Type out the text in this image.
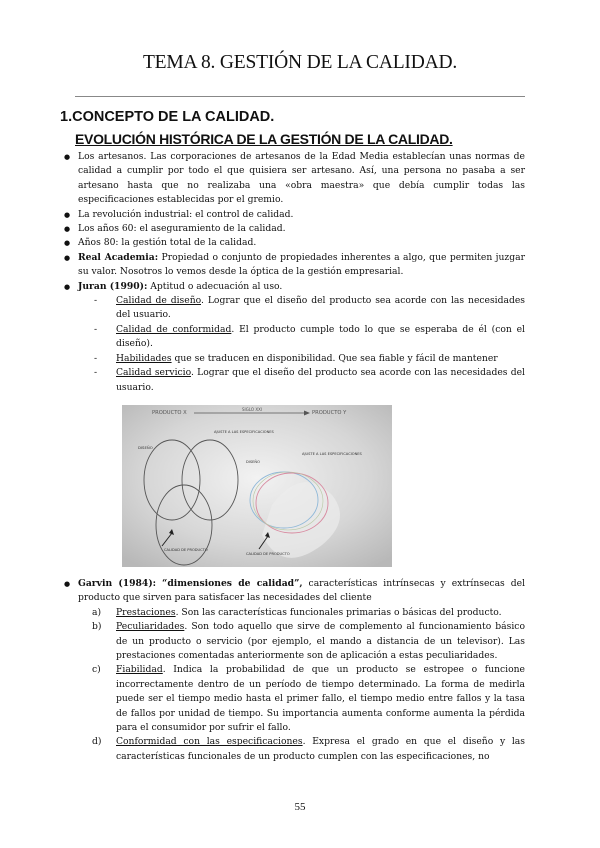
TEMA 8. GESTIÓN DE LA CALIDAD.
1.CONCEPTO DE LA CALIDAD.
EVOLUCIÓN HISTÓRICA DE LA GESTIÓN DE LA CALIDAD.
● Los artesanos. Las corporaciones de artesanos de la Edad Media establecían unas normas de calidad a cumplir por todo el que quisiera ser artesano. Así, una persona no pasaba a ser artesano hasta que no realizaba una «obra maestra» que debía cumplir todas las especificaciones establecidas por el gremio.
● La revolución industrial: el control de calidad.
● Los años 60: el aseguramiento de la calidad.
● Años 80: la gestión total de la calidad.
● Real Academia: Propiedad o conjunto de propiedades inherentes a algo, que permiten juzgar su valor. Nosotros lo vemos desde la óptica de la gestión empresarial.
● Juran (1990): Aptitud o adecuación al uso.
- Calidad de diseño. Lograr que el diseño del producto sea acorde con las necesidades del usuario.
- Calidad de conformidad. El producto cumple todo lo que se esperaba de él (con el diseño).
- Habilidades que se traducen en disponibilidad. Que sea fiable y fácil de mantener
- Calidad servicio. Lograr que el diseño del producto sea acorde con las necesidades del usuario.
PRODUCTO X
SIGLO XXI
PRODUCTO Y
DISEÑO
AJUSTE A LAS ESPECIFICACIONES
CALIDAD DE PRODUCTO
DISEÑO
AJUSTE A LAS ESPECIFICACIONES
CALIDAD DE PRODUCTO
● Garvin (1984): “dimensiones de calidad”, características intrínsecas y extrínsecas del producto que sirven para satisfacer las necesidades del cliente
a) Prestaciones. Son las características funcionales primarias o básicas del producto.
b) Peculiaridades. Son todo aquello que sirve de complemento al funcionamiento básico de un producto o servicio (por ejemplo, el mando a distancia de un televisor). Las prestaciones comentadas anteriormente son de aplicación a estas peculiaridades.
c) Fiabilidad. Indica la probabilidad de que un producto se estropee o funcione incorrectamente dentro de un período de tiempo determinado. La forma de medirla puede ser el tiempo medio hasta el primer fallo, el tiempo medio entre fallos y la tasa de fallos por unidad de tiempo. Su importancia aumenta conforme aumenta la pérdida para el consumidor por sufrir el fallo.
d) Conformidad con las especificaciones. Expresa el grado en que el diseño y las características funcionales de un producto cumplen con las especificaciones, no
55
